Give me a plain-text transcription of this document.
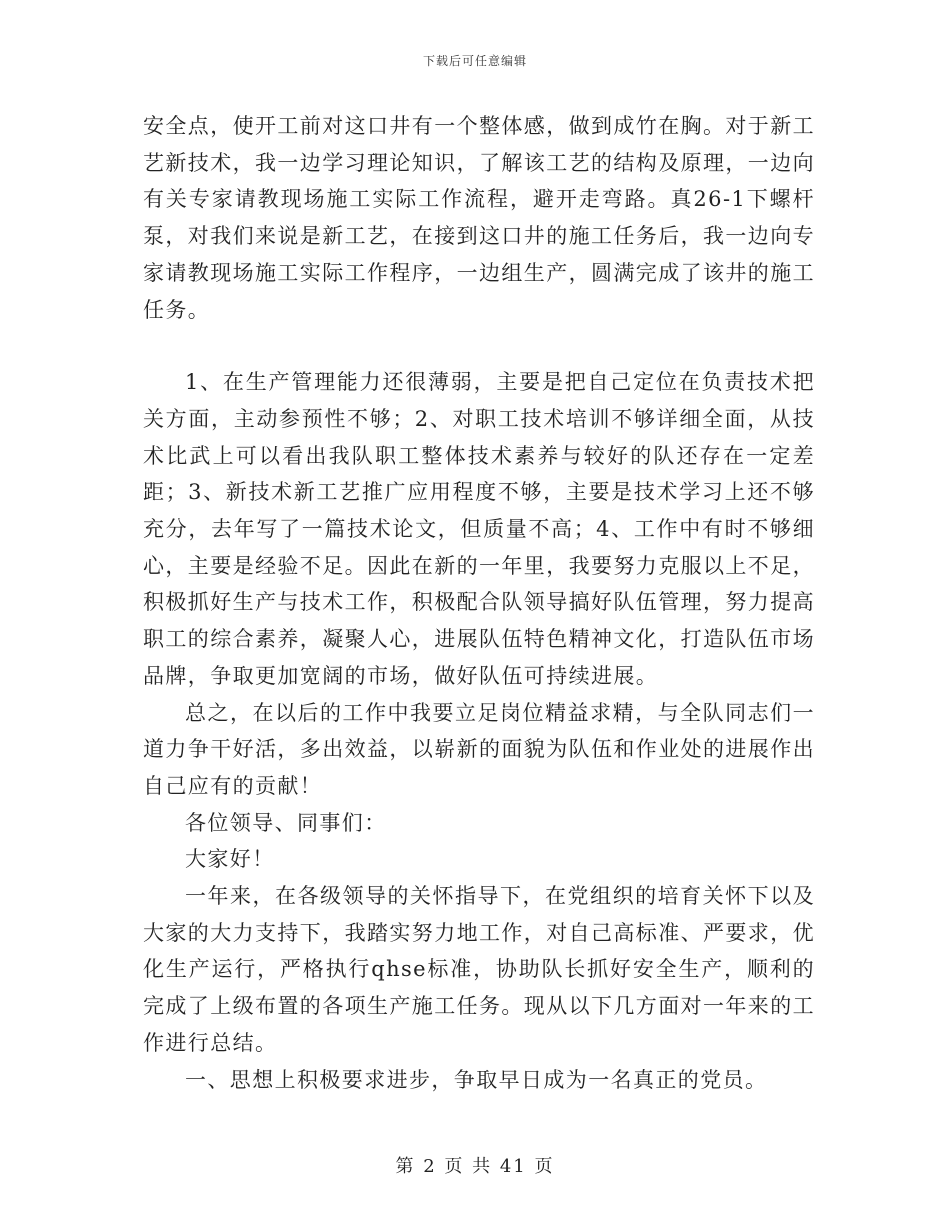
下载后可任意编辑

安全点，使开工前对这口井有一个整体感，做到成竹在胸。对于新工艺新技术，我一边学习理论知识，了解该工艺的结构及原理，一边向有关专家请教现场施工实际工作流程，避开走弯路。真26-1下螺杆泵，对我们来说是新工艺，在接到这口井的施工任务后，我一边向专家请教现场施工实际工作程序，一边组生产，圆满完成了该井的施工任务。

1、在生产管理能力还很薄弱，主要是把自己定位在负责技术把关方面，主动参预性不够；2、对职工技术培训不够详细全面，从技术比武上可以看出我队职工整体技术素养与较好的队还存在一定差距；3、新技术新工艺推广应用程度不够，主要是技术学习上还不够充分，去年写了一篇技术论文，但质量不高；4、工作中有时不够细心，主要是经验不足。因此在新的一年里，我要努力克服以上不足，积极抓好生产与技术工作，积极配合队领导搞好队伍管理，努力提高职工的综合素养，凝聚人心，进展队伍特色精神文化，打造队伍市场品牌，争取更加宽阔的市场，做好队伍可持续进展。

总之，在以后的工作中我要立足岗位精益求精，与全队同志们一道力争干好活，多出效益，以崭新的面貌为队伍和作业处的进展作出自己应有的贡献！

各位领导、同事们：

大家好！

一年来，在各级领导的关怀指导下，在党组织的培育关怀下以及大家的大力支持下，我踏实努力地工作，对自己高标准、严要求，优化生产运行，严格执行qhse标准，协助队长抓好安全生产，顺利的完成了上级布置的各项生产施工任务。现从以下几方面对一年来的工作进行总结。

一、思想上积极要求进步，争取早日成为一名真正的党员。

第 2 页 共 41 页
